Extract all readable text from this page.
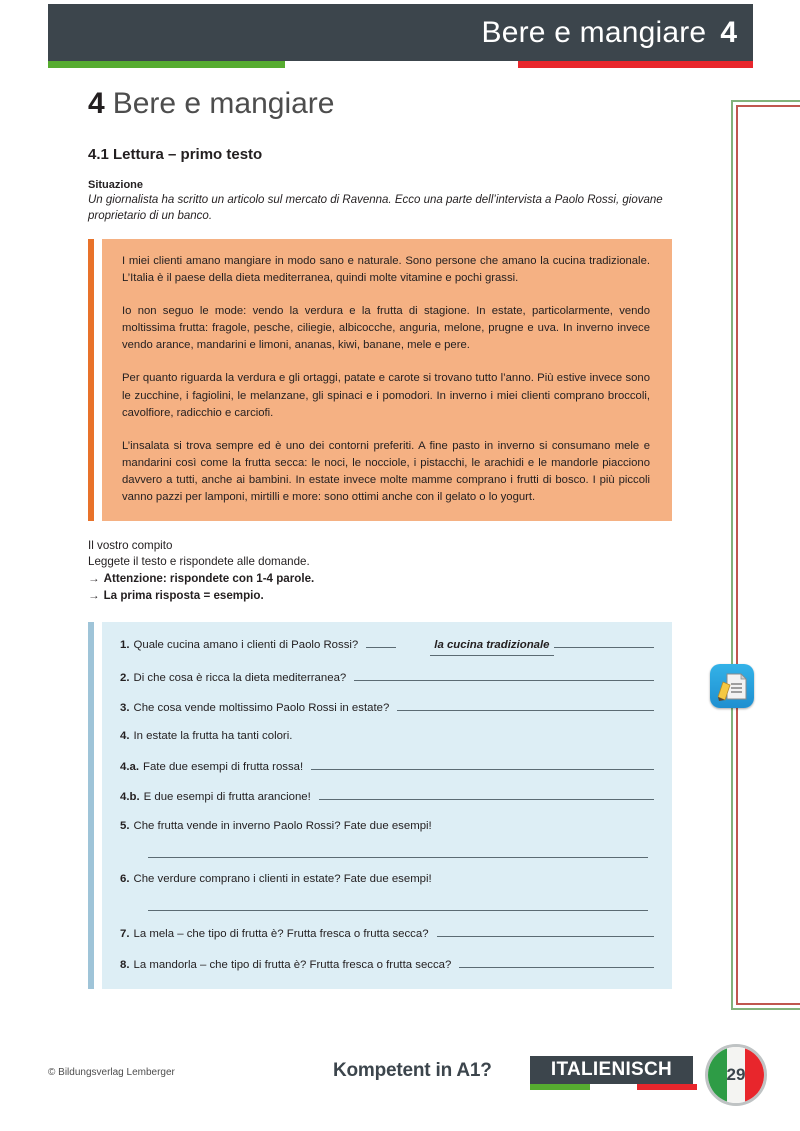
Bere e mangiare 4
4 Bere e mangiare
4.1 Lettura – primo testo

Situazione

Un giornalista ha scritto un articolo sul mercato di Ravenna. Ecco una parte dell’intervista a Paolo Rossi, giovane proprietario di un banco.

I miei clienti amano mangiare in modo sano e naturale. Sono persone che amano la cucina tradizionale. L’Italia è il paese della dieta mediterranea, quindi molte vitamine e pochi grassi.

Io non seguo le mode: vendo la verdura e la frutta di stagione. In estate, particolarmente, vendo moltissima frutta: fragole, pesche, ciliegie, albicocche, anguria, melone, prugne e uva. In inverno invece vendo arance, mandarini e limoni, ananas, kiwi, banane, mele e pere.

Per quanto riguarda la verdura e gli ortaggi, patate e carote si trovano tutto l’anno. Più estive invece sono le zucchine, i fagiolini, le melanzane, gli spinaci e i pomodori. In inverno i miei clienti comprano broccoli, cavolfiore, radicchio e carciofi.

L’insalata si trova sempre ed è uno dei contorni preferiti. A fine pasto in inverno si consumano mele e mandarini così come la frutta secca: le noci, le nocciole, i pistacchi, le arachidi e le mandorle piacciono davvero a tutti, anche ai bambini. In estate invece molte mamme comprano i frutti di bosco. I più piccoli vanno pazzi per lamponi, mirtilli e more: sono ottimi anche con il gelato o lo yogurt.

Il vostro compito

Leggete il testo e rispondete alle domande.

→ Attenzione: rispondete con 1-4 parole.

→ La prima risposta = esempio.

1. Quale cucina amano i clienti di Paolo Rossi?	la cucina tradizionale
2. Di che cosa è ricca la dieta mediterranea?
3. Che cosa vende moltissimo Paolo Rossi in estate?
4. In estate la frutta ha tanti colori.
4.a. Fate due esempi di frutta rossa!
4.b. E due esempi di frutta arancione!
5. Che frutta vende in inverno Paolo Rossi? Fate due esempi!
6. Che verdure comprano i clienti in estate? Fate due esempi!
7. La mela – che tipo di frutta è? Frutta fresca o frutta secca?
8. La mandorla – che tipo di frutta è? Frutta fresca o frutta secca?
© Bildungsverlag Lemberger	Kompetent in A1?	ITALIENISCH	29
